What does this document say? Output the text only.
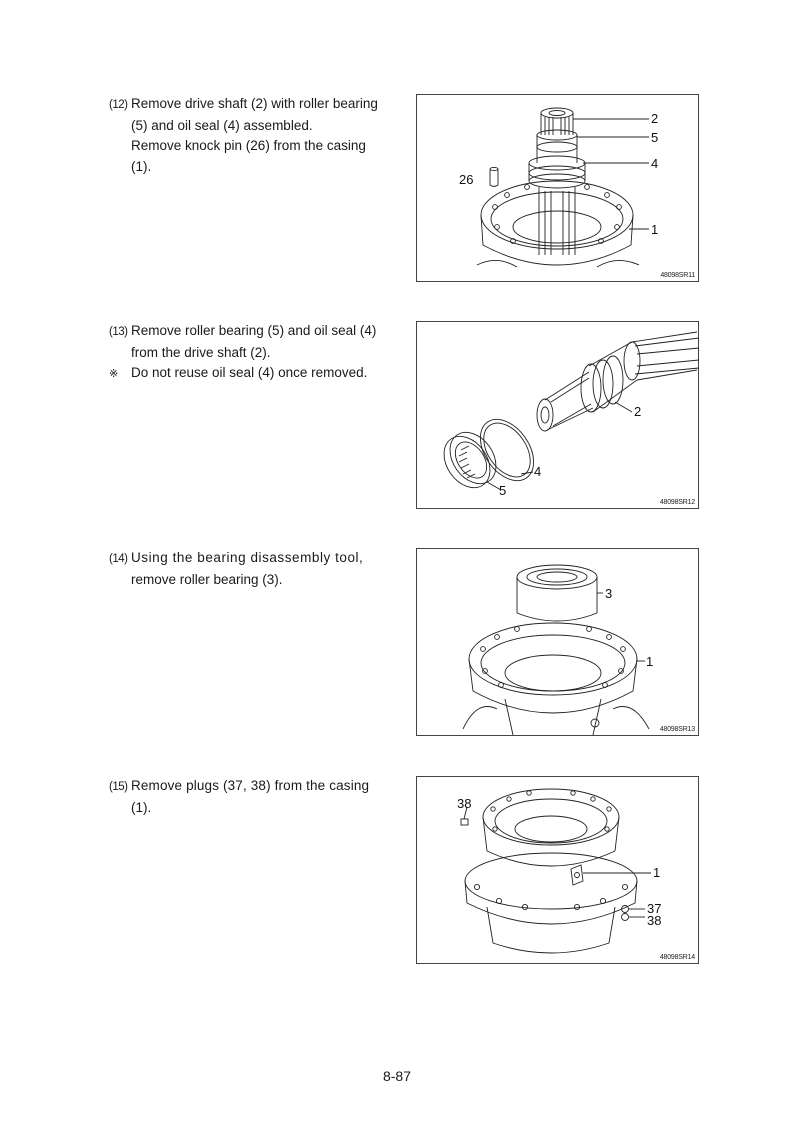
(12) Remove drive shaft (2) with roller bearing
(5) and oil seal (4) assembled.
Remove knock pin (26) from the casing
(1).
2
5
4
26
1
48098SR11
(13) Remove roller bearing (5) and oil seal (4)
from the drive shaft (2).
※ Do not reuse oil seal (4) once removed.
2
4
5
48098SR12
(14) Using the bearing disassembly tool,
remove roller bearing (3).
3
1
48098SR13
(15) Remove plugs (37, 38) from the casing
(1).	38
1
37
38
48098SR14
8-87
